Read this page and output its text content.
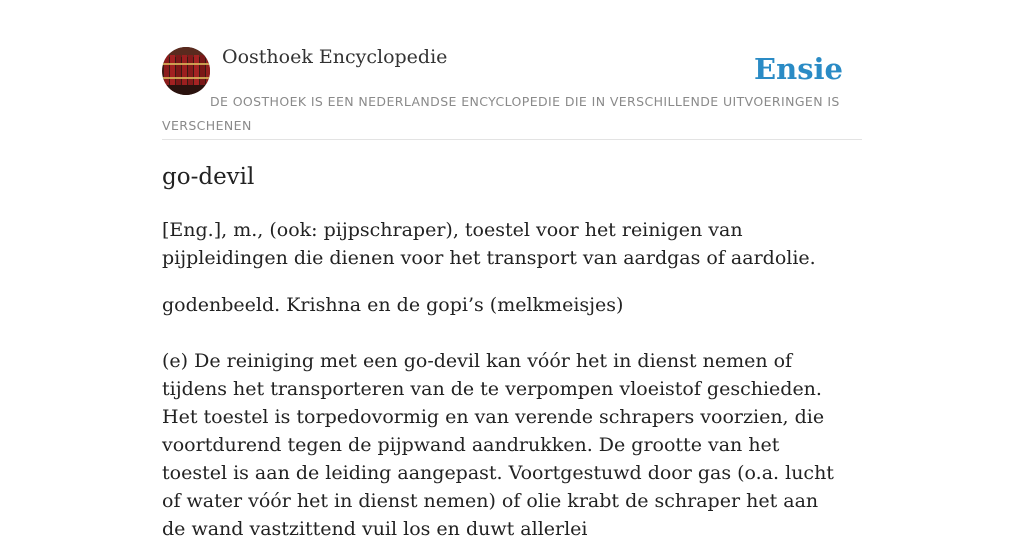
Oosthoek Encyclopedie	Ensie
DE OOSTHOEK IS EEN NEDERLANDSE ENCYCLOPEDIE DIE IN VERSCHILLENDE UITVOERINGEN IS VERSCHENEN
go-devil

[Eng.], m., (ook: pijpschraper), toestel voor het reinigen van pijpleidingen die dienen voor het transport van aardgas of aardolie.

godenbeeld. Krishna en de gopi’s (melkmeisjes)

(e) De reiniging met een go-devil kan vóór het in dienst nemen of tijdens het transporteren van de te verpompen vloeistof geschieden. Het toestel is torpedovormig en van verende schrapers voorzien, die voortdurend tegen de pijpwand aandrukken. De grootte van het toestel is aan de leiding aangepast. Voortgestuwd door gas (o.a. lucht of water vóór het in dienst nemen) of olie krabt de schraper het aan de wand vastzittend vuil los en duwt allerlei
